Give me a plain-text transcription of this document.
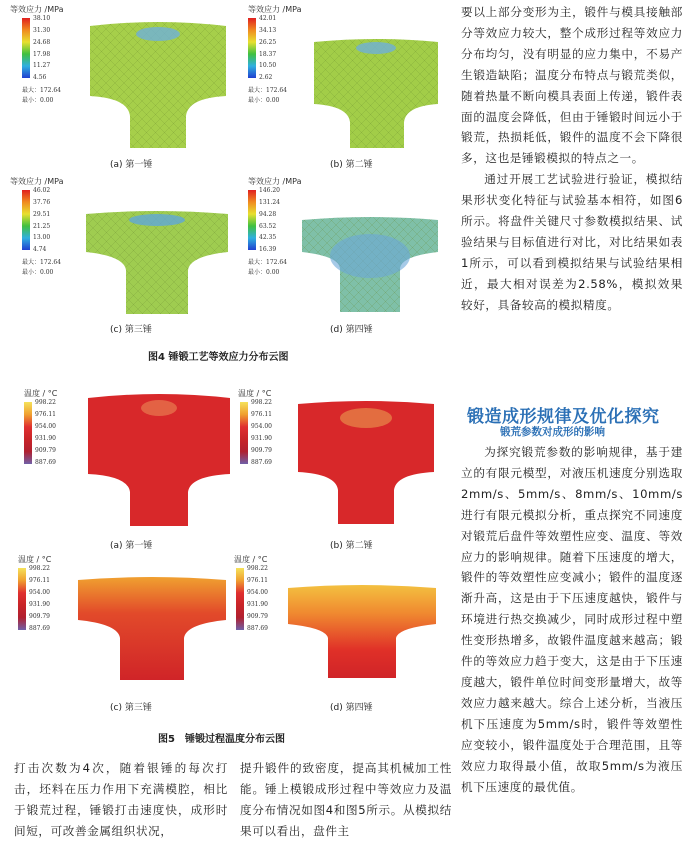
等效应力 /MPa
38.10
31.30
24.68
17.98
11.27
4.56
最大：172.64
最小：0.00
(a) 第一锤
等效应力 /MPa
42.01
34.13
26.25
18.37
10.50
2.62
最大：172.64
最小：0.00
(b) 第二锤
等效应力 /MPa
46.02
37.76
29.51
21.25
13.00
4.74
最大：172.64
最小：0.00
(c) 第三锤
等效应力 /MPa
146.20
131.24
94.28
63.52
42.35
16.39
最大：172.64
最小：0.00
(d) 第四锤
图4 锤锻工艺等效应力分布云图
温度 / °C
998.22
976.11
954.00
931.90
909.79
887.69
(a) 第一锤
温度 / °C
998.22
976.11
954.00
931.90
909.79
887.69
(b) 第二锤
温度 / °C
998.22
976.11
954.00
931.90
909.79
887.69
(c) 第三锤
温度 / °C
998.22
976.11
954.00
931.90
909.79
887.69
(d) 第四锤
图5　锤锻过程温度分布云图

要以上部分变形为主，锻件与模具接触部分等效应力较大，整个成形过程等效应力分布均匀，没有明显的应力集中，不易产生锻造缺陷；温度分布特点与锻荒类似，随着热量不断向模具表面上传递，锻件表面的温度会降低，但由于锤锻时间远小于锻荒，热损耗低，锻件的温度不会下降很多，这也是锤锻模拟的特点之一。

通过开展工艺试验进行验证，模拟结果形状变化特征与试验基本相符，如图6所示。将盘件关键尺寸参数模拟结果、试验结果与目标值进行对比，对比结果如表1所示，可以看到模拟结果与试验结果相近，最大相对误差为2.58%，模拟效果较好，具备较高的模拟精度。

锻造成形规律及优化探究
锻荒参数对成形的影响

为探究锻荒参数的影响规律，基于建立的有限元模型，对液压机速度分别选取2mm/s、5mm/s、8mm/s、10mm/s进行有限元模拟分析，重点探究不同速度对锻荒后盘件等效塑性应变、温度、等效应力的影响规律。随着下压速度的增大，锻件的等效塑性应变减小；锻件的温度逐渐升高，这是由于下压速度越快，锻件与环境进行热交换减少，同时成形过程中塑性变形热增多，故锻件温度越来越高；锻件的等效应力趋于变大，这是由于下压速度越大，锻件单位时间变形量增大，故等效应力越来越大。综合上述分析，当液压机下压速度为5mm/s时，锻件等效塑性应变较小，锻件温度处于合理范围，且等效应力取得最小值，故取5mm/s为液压机下压速度的最优值。

打击次数为4次，随着银锤的每次打击，坯料在压力作用下充满模腔，相比于锻荒过程，锤锻打击速度快，成形时间短，可改善金属组织状况，

提升锻件的致密度，提高其机械加工性能。锤上模锻成形过程中等效应力及温度分布情况如图4和图5所示。从模拟结果可以看出，盘件主
